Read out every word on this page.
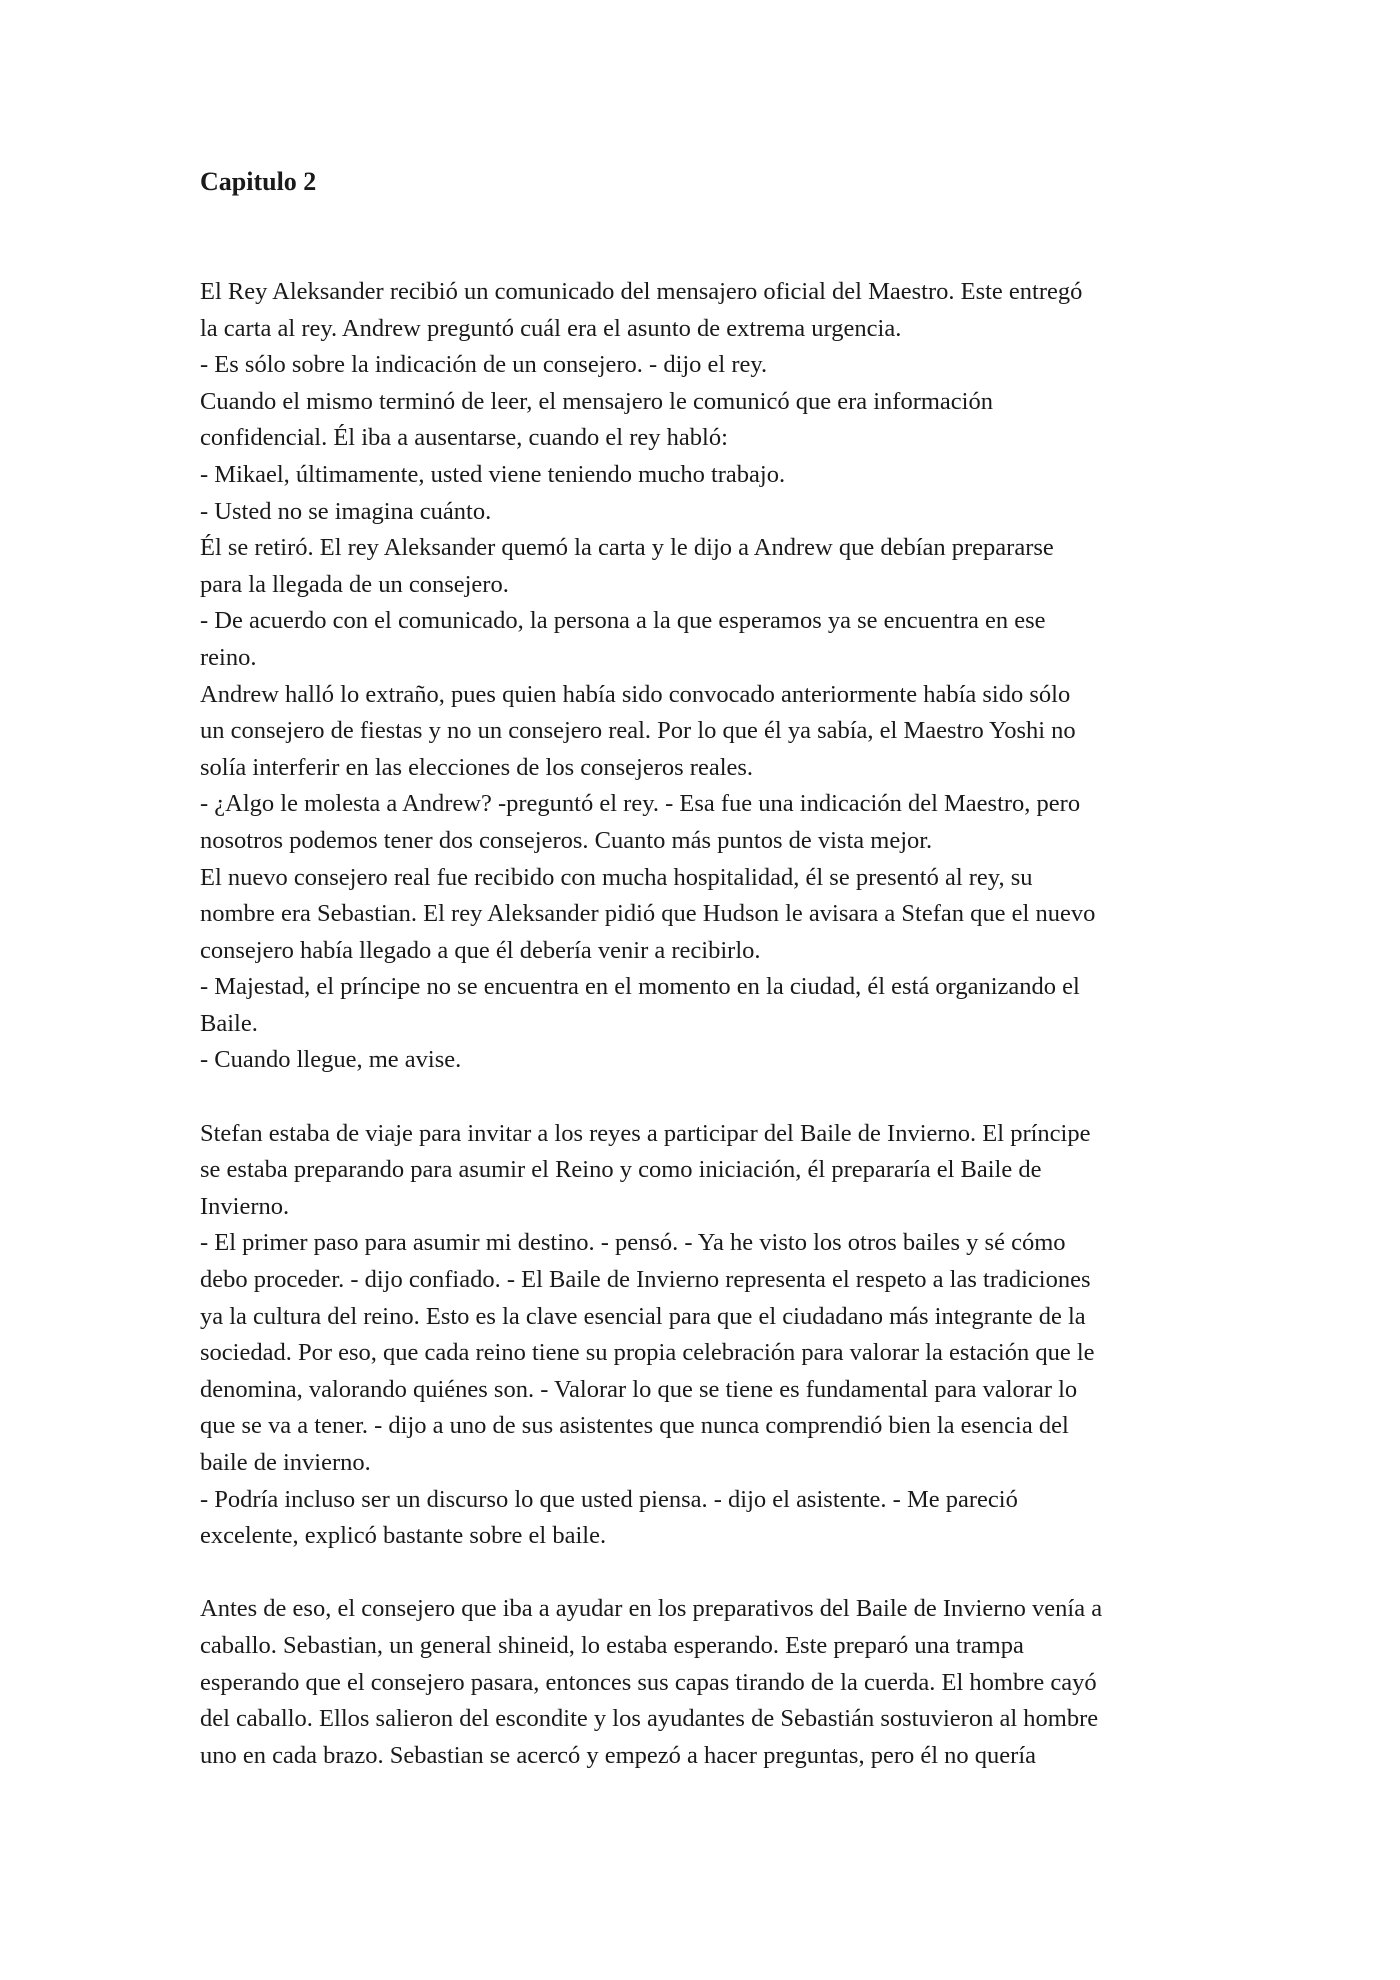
Capitulo 2
El Rey Aleksander recibió un comunicado del mensajero oficial del Maestro. Este entregó
la carta al rey. Andrew preguntó cuál era el asunto de extrema urgencia.
- Es sólo sobre la indicación de un consejero. - dijo el rey.
Cuando el mismo terminó de leer, el mensajero le comunicó que era información
confidencial. Él iba a ausentarse, cuando el rey habló:
- Mikael, últimamente, usted viene teniendo mucho trabajo.
- Usted no se imagina cuánto.
Él se retiró. El rey Aleksander quemó la carta y le dijo a Andrew que debían prepararse
para la llegada de un consejero.
- De acuerdo con el comunicado, la persona a la que esperamos ya se encuentra en ese
reino.
Andrew halló lo extraño, pues quien había sido convocado anteriormente había sido sólo
un consejero de fiestas y no un consejero real. Por lo que él ya sabía, el Maestro Yoshi no
solía interferir en las elecciones de los consejeros reales.
- ¿Algo le molesta a Andrew? -preguntó el rey. - Esa fue una indicación del Maestro, pero
nosotros podemos tener dos consejeros. Cuanto más puntos de vista mejor.
El nuevo consejero real fue recibido con mucha hospitalidad, él se presentó al rey, su
nombre era Sebastian. El rey Aleksander pidió que Hudson le avisara a Stefan que el nuevo
consejero había llegado a que él debería venir a recibirlo.
- Majestad, el príncipe no se encuentra en el momento en la ciudad, él está organizando el
Baile.
- Cuando llegue, me avise.
Stefan estaba de viaje para invitar a los reyes a participar del Baile de Invierno. El príncipe
se estaba preparando para asumir el Reino y como iniciación, él prepararía el Baile de
Invierno.
- El primer paso para asumir mi destino. - pensó. - Ya he visto los otros bailes y sé cómo
debo proceder. - dijo confiado. - El Baile de Invierno representa el respeto a las tradiciones
ya la cultura del reino. Esto es la clave esencial para que el ciudadano más integrante de la
sociedad. Por eso, que cada reino tiene su propia celebración para valorar la estación que le
denomina, valorando quiénes son. - Valorar lo que se tiene es fundamental para valorar lo
que se va a tener. - dijo a uno de sus asistentes que nunca comprendió bien la esencia del
baile de invierno.
- Podría incluso ser un discurso lo que usted piensa. - dijo el asistente. - Me pareció
excelente, explicó bastante sobre el baile.
Antes de eso, el consejero que iba a ayudar en los preparativos del Baile de Invierno venía a
caballo. Sebastian, un general shineid, lo estaba esperando. Este preparó una trampa
esperando que el consejero pasara, entonces sus capas tirando de la cuerda. El hombre cayó
del caballo. Ellos salieron del escondite y los ayudantes de Sebastián sostuvieron al hombre
uno en cada brazo. Sebastian se acercó y empezó a hacer preguntas, pero él no quería
